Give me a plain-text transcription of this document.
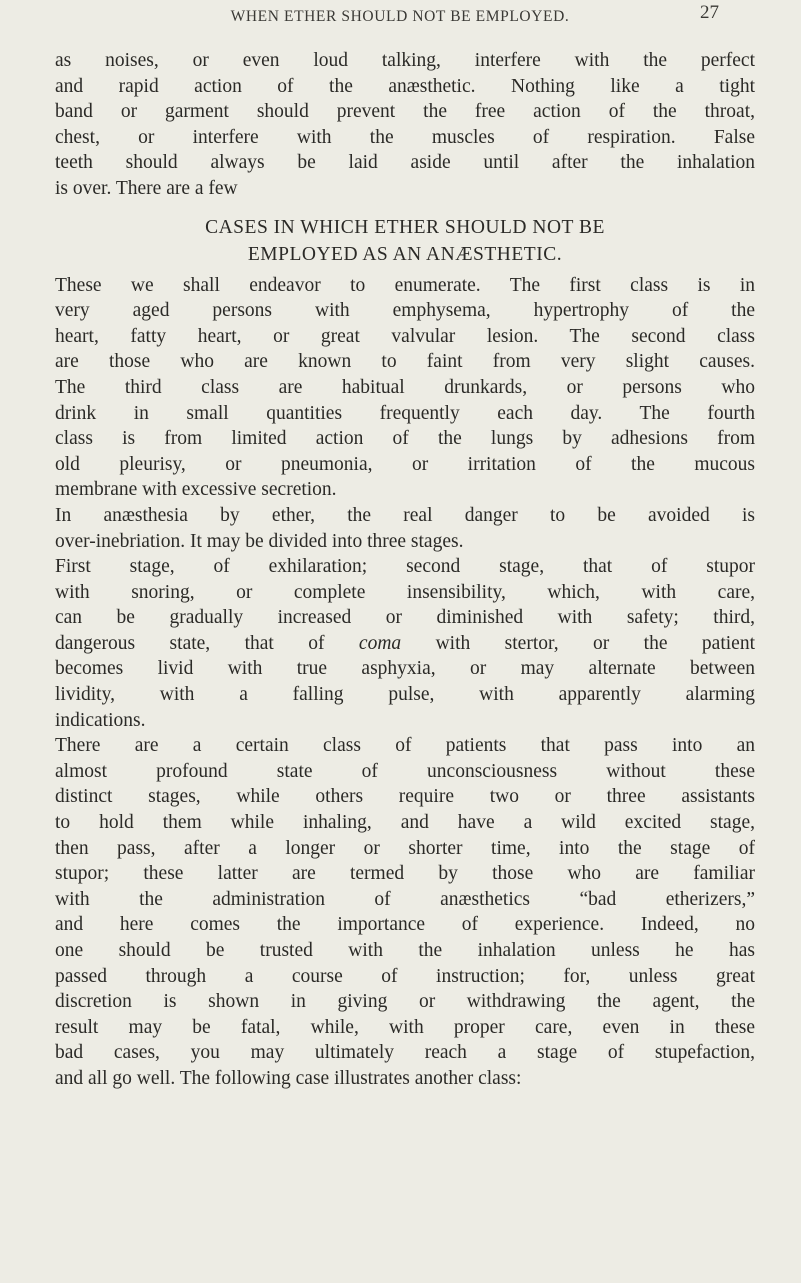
WHEN ETHER SHOULD NOT BE EMPLOYED.	27
as noises, or even loud talking, interfere with the perfect
and rapid action of the anæsthetic. Nothing like a tight
band or garment should prevent the free action of the throat,
chest, or interfere with the muscles of respiration. False
teeth should always be laid aside until after the inhalation
is over. There are a few
CASES IN WHICH ETHER SHOULD NOT BE
EMPLOYED AS AN ANÆSTHETIC.
These we shall endeavor to enumerate. The first class is in
very aged persons with emphysema, hypertrophy of the
heart, fatty heart, or great valvular lesion. The second class
are those who are known to faint from very slight causes.
The third class are habitual drunkards, or persons who
drink in small quantities frequently each day. The fourth
class is from limited action of the lungs by adhesions from
old pleurisy, or pneumonia, or irritation of the mucous
membrane with excessive secretion.
In anæsthesia by ether, the real danger to be avoided is
over-inebriation. It may be divided into three stages.
First stage, of exhilaration; second stage, that of stupor
with snoring, or complete insensibility, which, with care,
can be gradually increased or diminished with safety; third,
dangerous state, that of coma with stertor, or the patient
becomes livid with true asphyxia, or may alternate between
lividity, with a falling pulse, with apparently alarming
indications.
There are a certain class of patients that pass into an
almost profound state of unconsciousness without these
distinct stages, while others require two or three assistants
to hold them while inhaling, and have a wild excited stage,
then pass, after a longer or shorter time, into the stage of
stupor; these latter are termed by those who are familiar
with the administration of anæsthetics “bad etherizers,”
and here comes the importance of experience. Indeed, no
one should be trusted with the inhalation unless he has
passed through a course of instruction; for, unless great
discretion is shown in giving or withdrawing the agent, the
result may be fatal, while, with proper care, even in these
bad cases, you may ultimately reach a stage of stupefaction,
and all go well. The following case illustrates another class:
